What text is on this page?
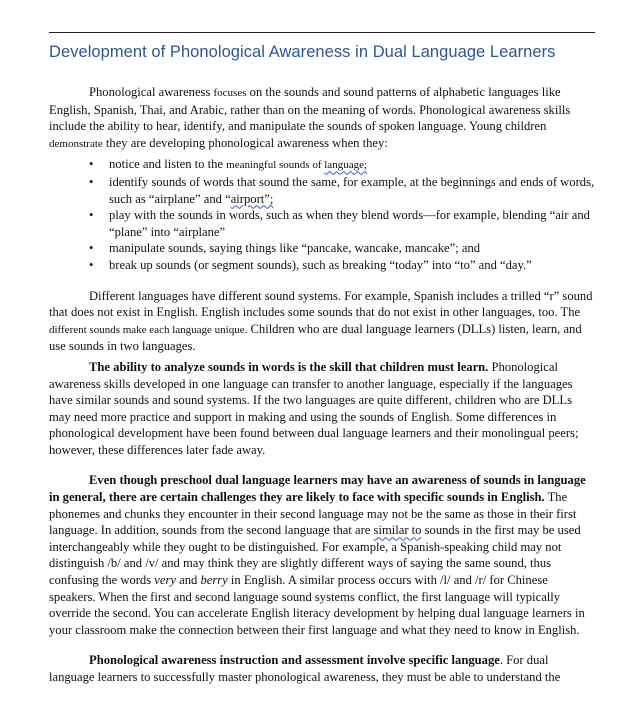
Development of Phonological Awareness in Dual Language Learners

Phonological awareness focuses on the sounds and sound patterns of alphabetic languages like English, Spanish, Thai, and Arabic, rather than on the meaning of words. Phonological awareness skills include the ability to hear, identify, and manipulate the sounds of spoken language. Young children demonstrate they are developing phonological awareness when they:

• notice and listen to the meaningful sounds of language;
• identify sounds of words that sound the same, for example, at the beginnings and ends of words, such as “airplane” and “airport”;
• play with the sounds in words, such as when they blend words—for example, blending “air and “plane” into “airplane”
• manipulate sounds, saying things like “pancake, wancake, mancake”; and
• break up sounds (or segment sounds), such as breaking “today” into “to” and “day.”

Different languages have different sound systems. For example, Spanish includes a trilled “r” sound that does not exist in English. English includes some sounds that do not exist in other languages, too. The different sounds make each language unique. Children who are dual language learners (DLLs) listen, learn, and use sounds in two languages.

The ability to analyze sounds in words is the skill that children must learn. Phonological awareness skills developed in one language can transfer to another language, especially if the languages have similar sounds and sound systems. If the two languages are quite different, children who are DLLs may need more practice and support in making and using the sounds of English. Some differences in phonological development have been found between dual language learners and their monolingual peers; however, these differences later fade away.

Even though preschool dual language learners may have an awareness of sounds in language in general, there are certain challenges they are likely to face with specific sounds in English. The phonemes and chunks they encounter in their second language may not be the same as those in their first language. In addition, sounds from the second language that are similar to sounds in the first may be used interchangeably while they ought to be distinguished. For example, a Spanish-speaking child may not distinguish /b/ and /v/ and may think they are slightly different ways of saying the same sound, thus confusing the words very and berry in English. A similar process occurs with /l/ and /r/ for Chinese speakers. When the first and second language sound systems conflict, the first language will typically override the second. You can accelerate English literacy development by helping dual language learners in your classroom make the connection between their first language and what they need to know in English.

Phonological awareness instruction and assessment involve specific language. For dual language learners to successfully master phonological awareness, they must be able to understand the
